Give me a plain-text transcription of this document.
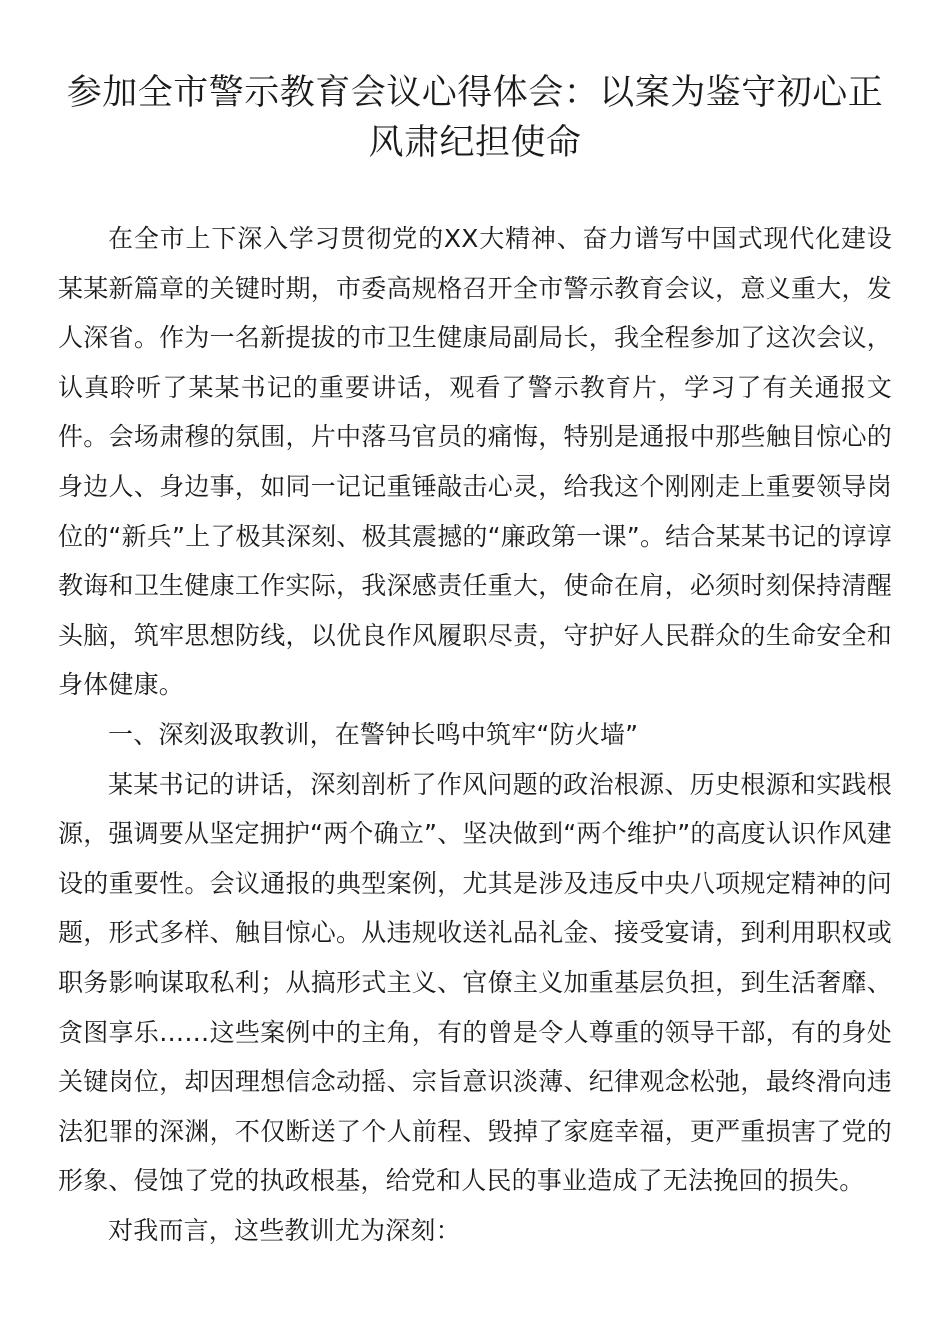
参加全市警示教育会议心得体会：以案为鉴守初心正风肃纪担使命

在全市上下深入学习贯彻党的XX大精神、奋力谱写中国式现代化建设某某新篇章的关键时期，市委高规格召开全市警示教育会议，意义重大，发人深省。作为一名新提拔的市卫生健康局副局长，我全程参加了这次会议，认真聆听了某某书记的重要讲话，观看了警示教育片，学习了有关通报文件。会场肃穆的氛围，片中落马官员的痛悔，特别是通报中那些触目惊心的身边人、身边事，如同一记记重锤敲击心灵，给我这个刚刚走上重要领导岗位的“新兵”上了极其深刻、极其震撼的“廉政第一课”。结合某某书记的谆谆教诲和卫生健康工作实际，我深感责任重大，使命在肩，必须时刻保持清醒头脑，筑牢思想防线，以优良作风履职尽责，守护好人民群众的生命安全和身体健康。

一、深刻汲取教训，在警钟长鸣中筑牢“防火墙”

某某书记的讲话，深刻剖析了作风问题的政治根源、历史根源和实践根源，强调要从坚定拥护“两个确立”、坚决做到“两个维护”的高度认识作风建设的重要性。会议通报的典型案例，尤其是涉及违反中央八项规定精神的问题，形式多样、触目惊心。从违规收送礼品礼金、接受宴请，到利用职权或职务影响谋取私利；从搞形式主义、官僚主义加重基层负担，到生活奢靡、贪图享乐……这些案例中的主角，有的曾是令人尊重的领导干部，有的身处关键岗位，却因理想信念动摇、宗旨意识淡薄、纪律观念松弛，最终滑向违法犯罪的深渊，不仅断送了个人前程、毁掉了家庭幸福，更严重损害了党的形象、侵蚀了党的执政根基，给党和人民的事业造成了无法挽回的损失。

对我而言，这些教训尤为深刻：
